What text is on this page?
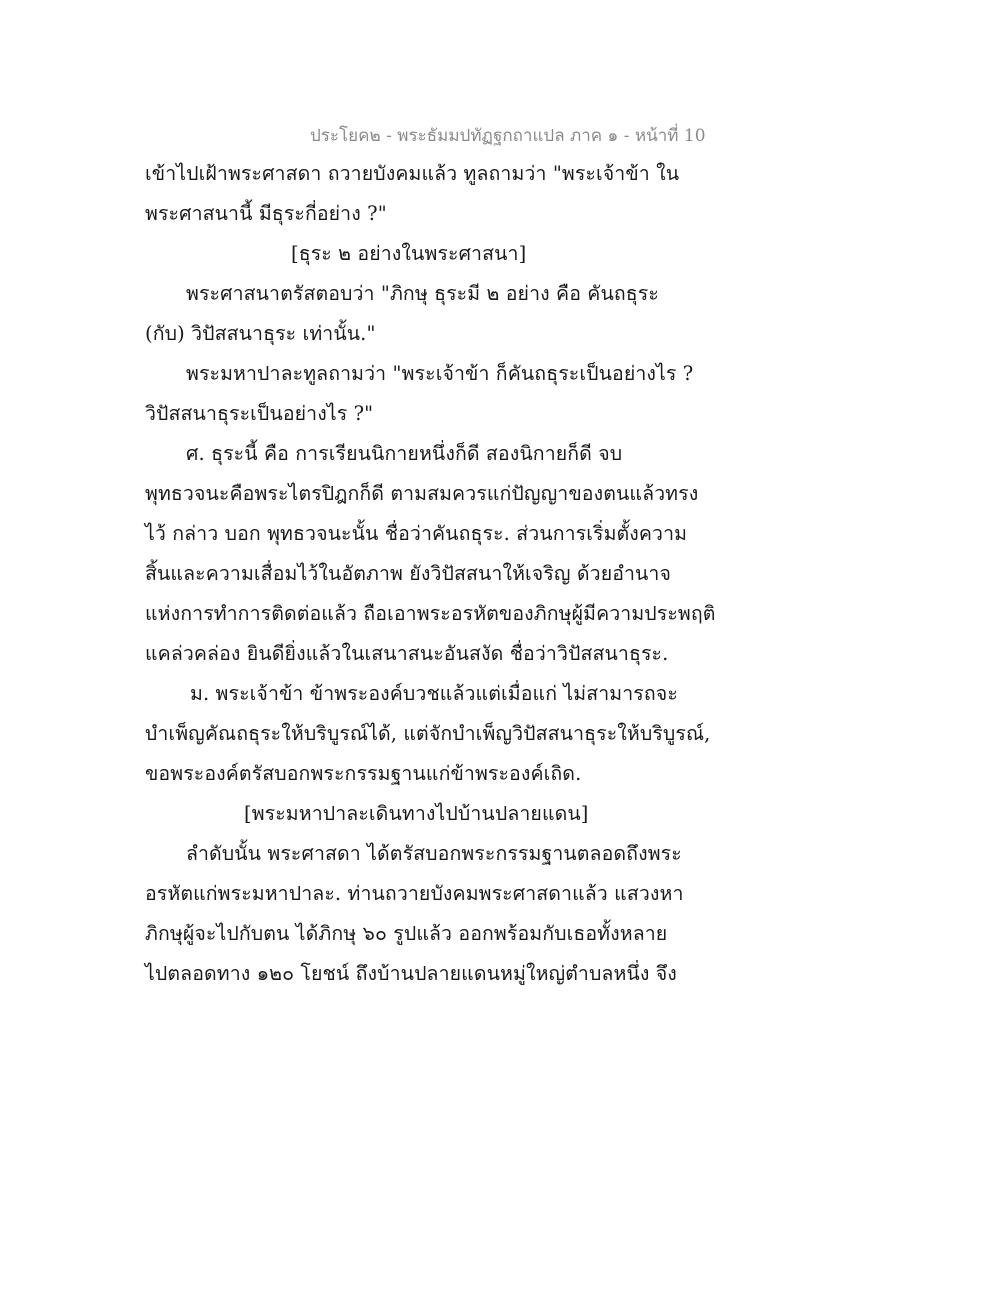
ประโยค๒ - พระธัมมปทัฏฐกถาแปล ภาค ๑ - หน้าที่ 10
เข้าไปเฝ้าพระศาสดา ถวายบังคมแล้ว ทูลถามว่า "พระเจ้าข้า ใน
พระศาสนานี้ มีธุระกี่อย่าง ?"
[ธุระ ๒ อย่างในพระศาสนา]
พระศาสนาตรัสตอบว่า "ภิกษุ ธุระมี ๒ อย่าง คือ คันถธุระ
(กับ) วิปัสสนาธุระ เท่านั้น."
พระมหาปาละทูลถามว่า "พระเจ้าข้า ก็คันถธุระเป็นอย่างไร ?
วิปัสสนาธุระเป็นอย่างไร ?"
ศ. ธุระนี้ คือ การเรียนนิกายหนึ่งก็ดี สองนิกายก็ดี จบ
พุทธวจนะคือพระไตรปิฎกก็ดี ตามสมควรแก่ปัญญาของตนแล้วทรง
ไว้ กล่าว บอก พุทธวจนะนั้น ชื่อว่าคันถธุระ. ส่วนการเริ่มตั้งความ
สิ้นและความเสื่อมไว้ในอัตภาพ ยังวิปัสสนาให้เจริญ ด้วยอำนาจ
แห่งการทำการติดต่อแล้ว ถือเอาพระอรหัตของภิกษุผู้มีความประพฤติ
แคล่วคล่อง ยินดียิ่งแล้วในเสนาสนะอันสงัด ชื่อว่าวิปัสสนาธุระ.
ม. พระเจ้าข้า ข้าพระองค์บวชแล้วแต่เมื่อแก่ ไม่สามารถจะ
บำเพ็ญคัณถธุระให้บริบูรณ์ได้, แต่จักบำเพ็ญวิปัสสนาธุระให้บริบูรณ์,
ขอพระองค์ตรัสบอกพระกรรมฐานแก่ข้าพระองค์เถิด.
[พระมหาปาละเดินทางไปบ้านปลายแดน]
ลำดับนั้น พระศาสดา ได้ตรัสบอกพระกรรมฐานตลอดถึงพระ
อรหัตแก่พระมหาปาละ. ท่านถวายบังคมพระศาสดาแล้ว แสวงหา
ภิกษุผู้จะไปกับตน ได้ภิกษุ ๖๐ รูปแล้ว ออกพร้อมกับเธอทั้งหลาย
ไปตลอดทาง ๑๒๐ โยชน์ ถึงบ้านปลายแดนหมู่ใหญ่ตำบลหนึ่ง จึง
